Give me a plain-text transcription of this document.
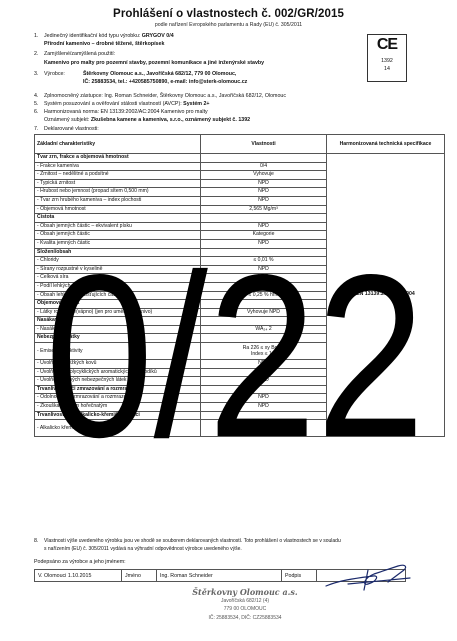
Prohlášení o vlastnostech č. 002/GR/2015
podle nařízení Evropského parlamentu a Rady (EU) č. 305/2011
CE
1392
14
1. Jedinečný identifikační kód typu výrobku: GRYGOV 0/4
Přírodní kamenivo – drobné těžené, štěrkopísek
2. Zamýšlené/zamýšlená použití:
Kamenivo pro malty pro pozemní stavby, pozemní komunikace a jiné inženýrské stavby
3. Výrobce:	Štěrkovny Olomouc a.s., Javoříčská 682/12, 779 00 Olomouc,
IČ: 25883534, tel.: +420585750890, e-mail: info@sterk-olomouc.cz
4. Zplnomocněný zástupce: Ing. Roman Schneider, Štěrkovny Olomouc a.s., Javoříčská 682/12, Olomouc
5. Systém posuzování a ověřování stálosti vlastností (AVCP): Systém 2+
6. Harmonizovaná norma: EN 13139:2002/AC:2004 Kamenivo pro malty
Oznámený subjekt: Zkušebna kamene a kameniva, s.r.o., oznámený subjekt č. 1392
7. Deklarované vlastnosti:
Základní charakteristiky	Vlastnosti	Harmonizovaná technická specifikace
Tvar zrn, frakce a objemová hmotnost		EN 13139:2002/AC:2004
- Frakce kameniva	0/4	
- Zrnitost – nedělitné a podsítné	Vyhovuje	
- Typická zrnitost	NPD	
- Hrubost nebo jemnost (propad sítem 0,500 mm)	NPD	
- Tvar zrn hrubého kameniva – index plochosti	NPD	
- Objemová hmotnost	2,565 Mg/m³	
Čistota		
- Obsah jemných částic – ekvivalent písku	NPD	
- Obsah jemných částic	Kategorie	
- Kvalita jemných částic	NPD	
Složení/obsah		
- Chloridy	≤ 0,01 %	
- Sírany rozpustné v kyselině	NPD	
- Celková síra	NPD	
- Podíl lehkých přítomnost humusu	Vyhovuje	
- Obsah lehkých znečišťujících částic	≤ 0,25 % hm.	
Objemová stálost		
- Látky rozpínavé(vápno) (jen pro umělé kamenivo)	Vyhovuje NPD	
Nasákavost		
- Nasákavost	WA₂₄ 2	
Nebezpečné látky		
- Emise radioaktivity	Ra 226 ≤ xy Bq/kg
Index ≤ 1,0	

- Uvolňování těžkých kovů	NPD	
- Uvolňování polycyklických aromatických uhlovodíků	NPD	
- Uvolňování jiných nebezpečných látek	NPD	
Trvanlivost vůči zmrazování a rozmrazování		
- Odolnost proti zmrazování a rozmrazování	NPD	
- Zkouška síranem hořečnatým	NPD	
Trvanlivost proti alkalicko-křemičité reakci		
- Alkalicko křemičitá reakce	rozpínavost < 0,10 % NPD
D = , S = reaktivita NPD	
8. Vlastnosti výše uvedeného výrobku jsou ve shodě se souborem deklarovaných vlastností. Toto prohlášení o vlastnostech se v souladu
s nařízením (EU) č. 305/2011 vydává na výhradní odpovědnost výrobce uvedeného výše.
Podepsáno za výrobce a jeho jménem:
V. Olomouci 1.10.2015	Jméno	Ing. Roman Schneider	Podpis	
Štěrkovny Olomouc a.s.
Javoříčská 682/12 (4)
779 00 OLOMOUC
IČ: 25883534, DIČ: CZ25883534
0/22
